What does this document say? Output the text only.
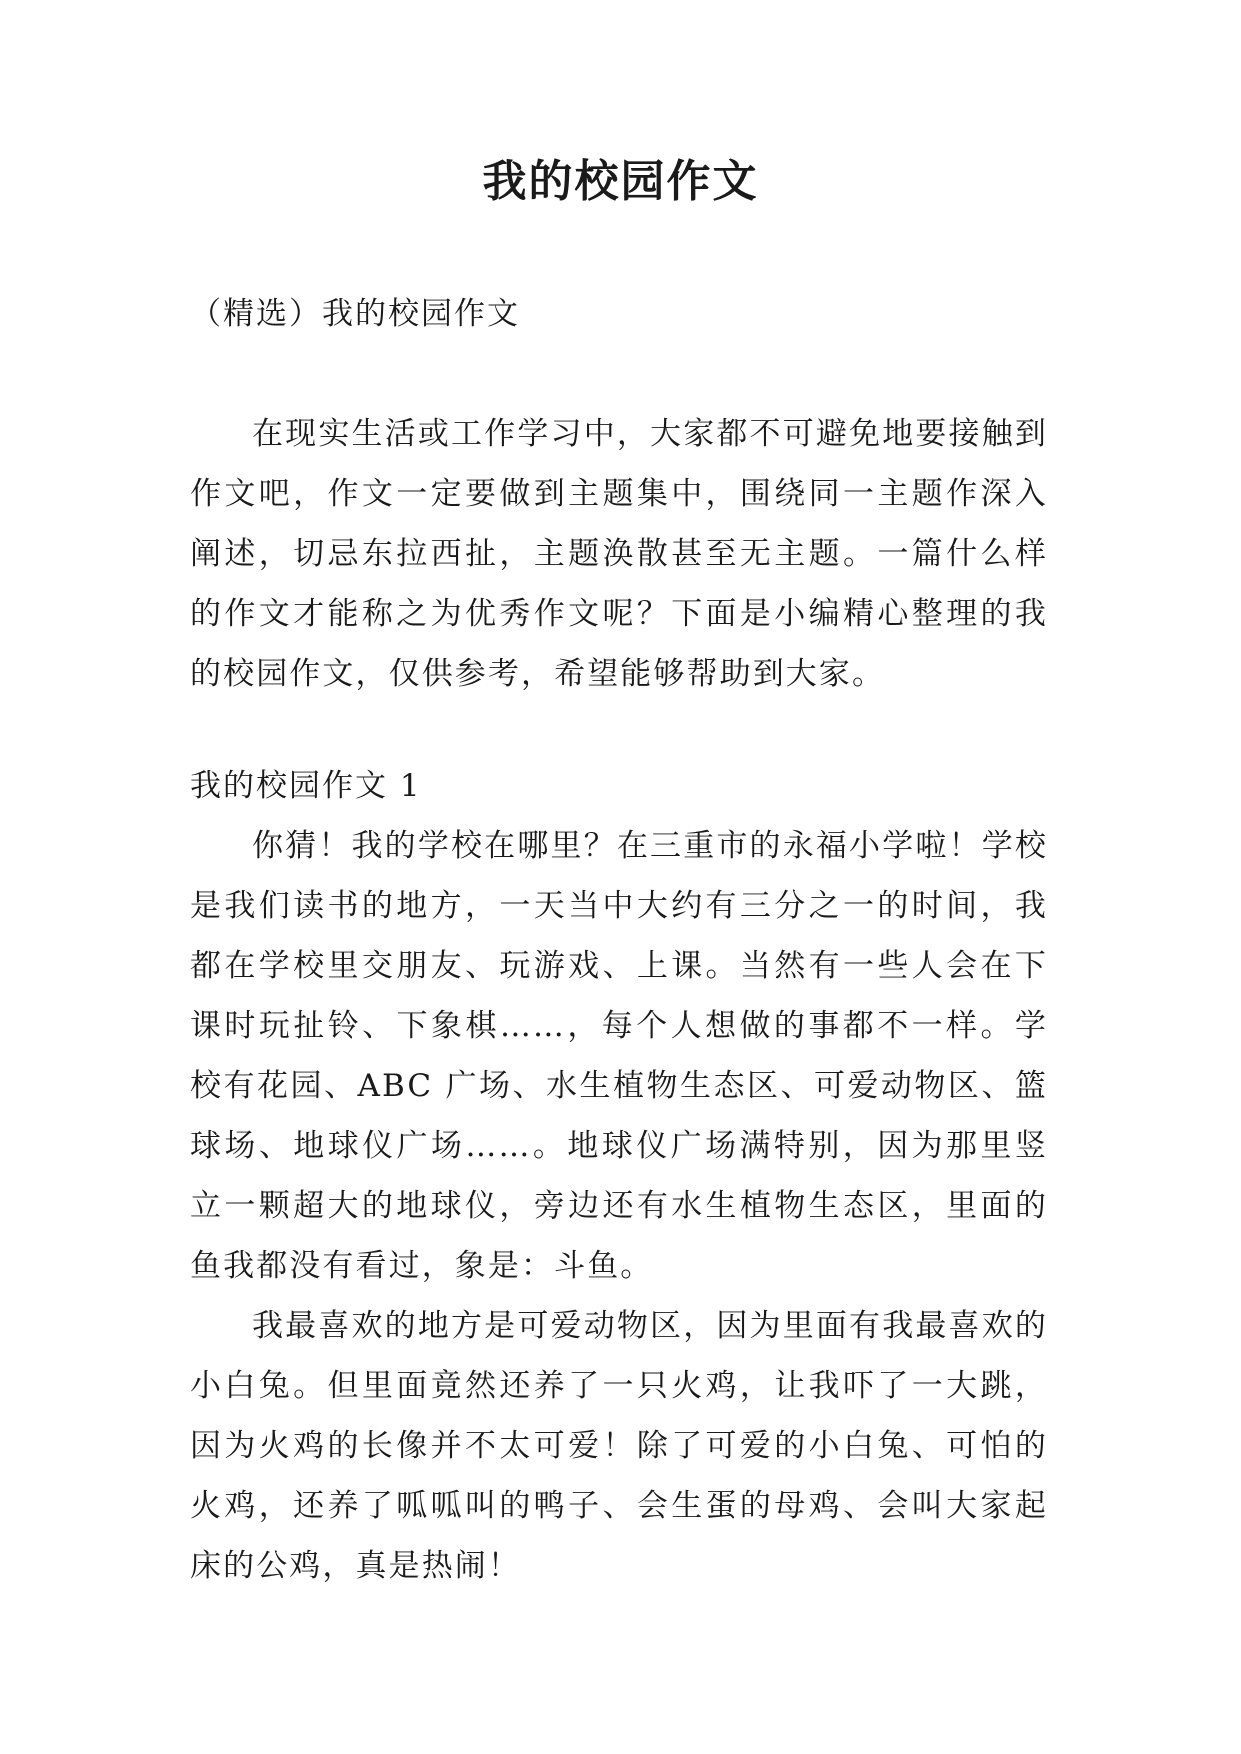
我的校园作文
（精选）我的校园作文

在现实生活或工作学习中，大家都不可避免地要接触到作文吧，作文一定要做到主题集中，围绕同一主题作深入阐述，切忌东拉西扯，主题涣散甚至无主题。一篇什么样的作文才能称之为优秀作文呢？下面是小编精心整理的我的校园作文，仅供参考，希望能够帮助到大家。

我的校园作文 1

你猜！我的学校在哪里？在三重市的永福小学啦！学校是我们读书的地方，一天当中大约有三分之一的时间，我都在学校里交朋友、玩游戏、上课。当然有一些人会在下课时玩扯铃、下象棋……，每个人想做的事都不一样。学校有花园、ABC 广场、水生植物生态区、可爱动物区、篮球场、地球仪广场……。地球仪广场满特别，因为那里竖立一颗超大的地球仪，旁边还有水生植物生态区，里面的鱼我都没有看过，象是：斗鱼。

我最喜欢的地方是可爱动物区，因为里面有我最喜欢的小白兔。但里面竟然还养了一只火鸡，让我吓了一大跳，因为火鸡的长像并不太可爱！除了可爱的小白兔、可怕的火鸡，还养了呱呱叫的鸭子、会生蛋的母鸡、会叫大家起床的公鸡，真是热闹！
